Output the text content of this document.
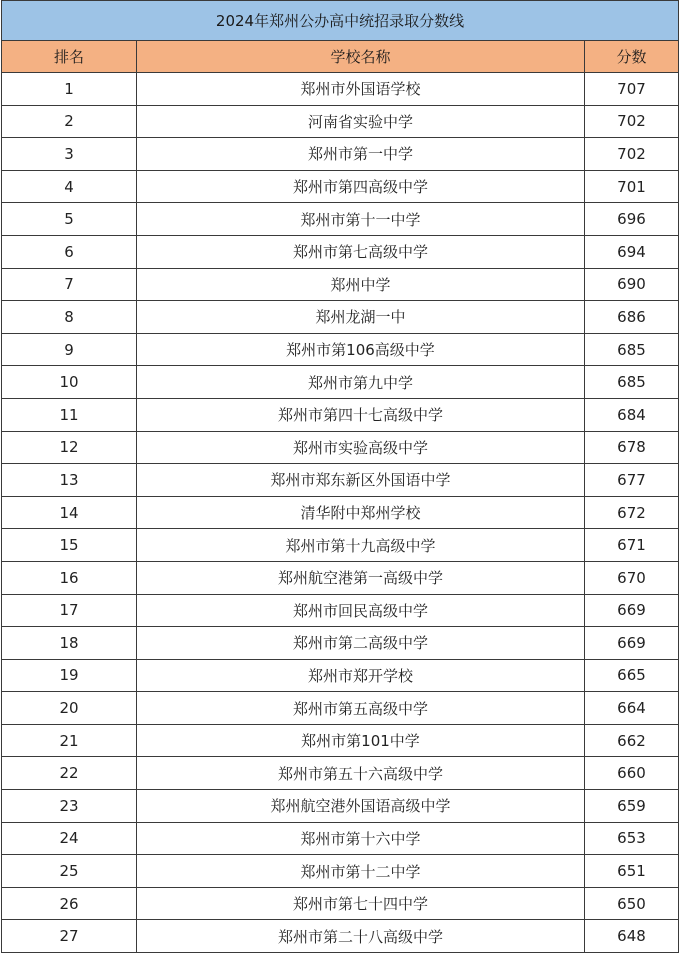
2024年郑州公办高中统招录取分数线		
排名	学校名称	分数
1	郑州市外国语学校	707
2	河南省实验中学	702
3	郑州市第一中学	702
4	郑州市第四高级中学	701
5	郑州市第十一中学	696
6	郑州市第七高级中学	694
7	郑州中学	690
8	郑州龙湖一中	686
9	郑州市第106高级中学	685
10	郑州市第九中学	685
11	郑州市第四十七高级中学	684
12	郑州市实验高级中学	678
13	郑州市郑东新区外国语中学	677
14	清华附中郑州学校	672
15	郑州市第十九高级中学	671
16	郑州航空港第一高级中学	670
17	郑州市回民高级中学	669
18	郑州市第二高级中学	669
19	郑州市郑开学校	665
20	郑州市第五高级中学	664
21	郑州市第101中学	662
22	郑州市第五十六高级中学	660
23	郑州航空港外国语高级中学	659
24	郑州市第十六中学	653
25	郑州市第十二中学	651
26	郑州市第七十四中学	650
27	郑州市第二十八高级中学	648
